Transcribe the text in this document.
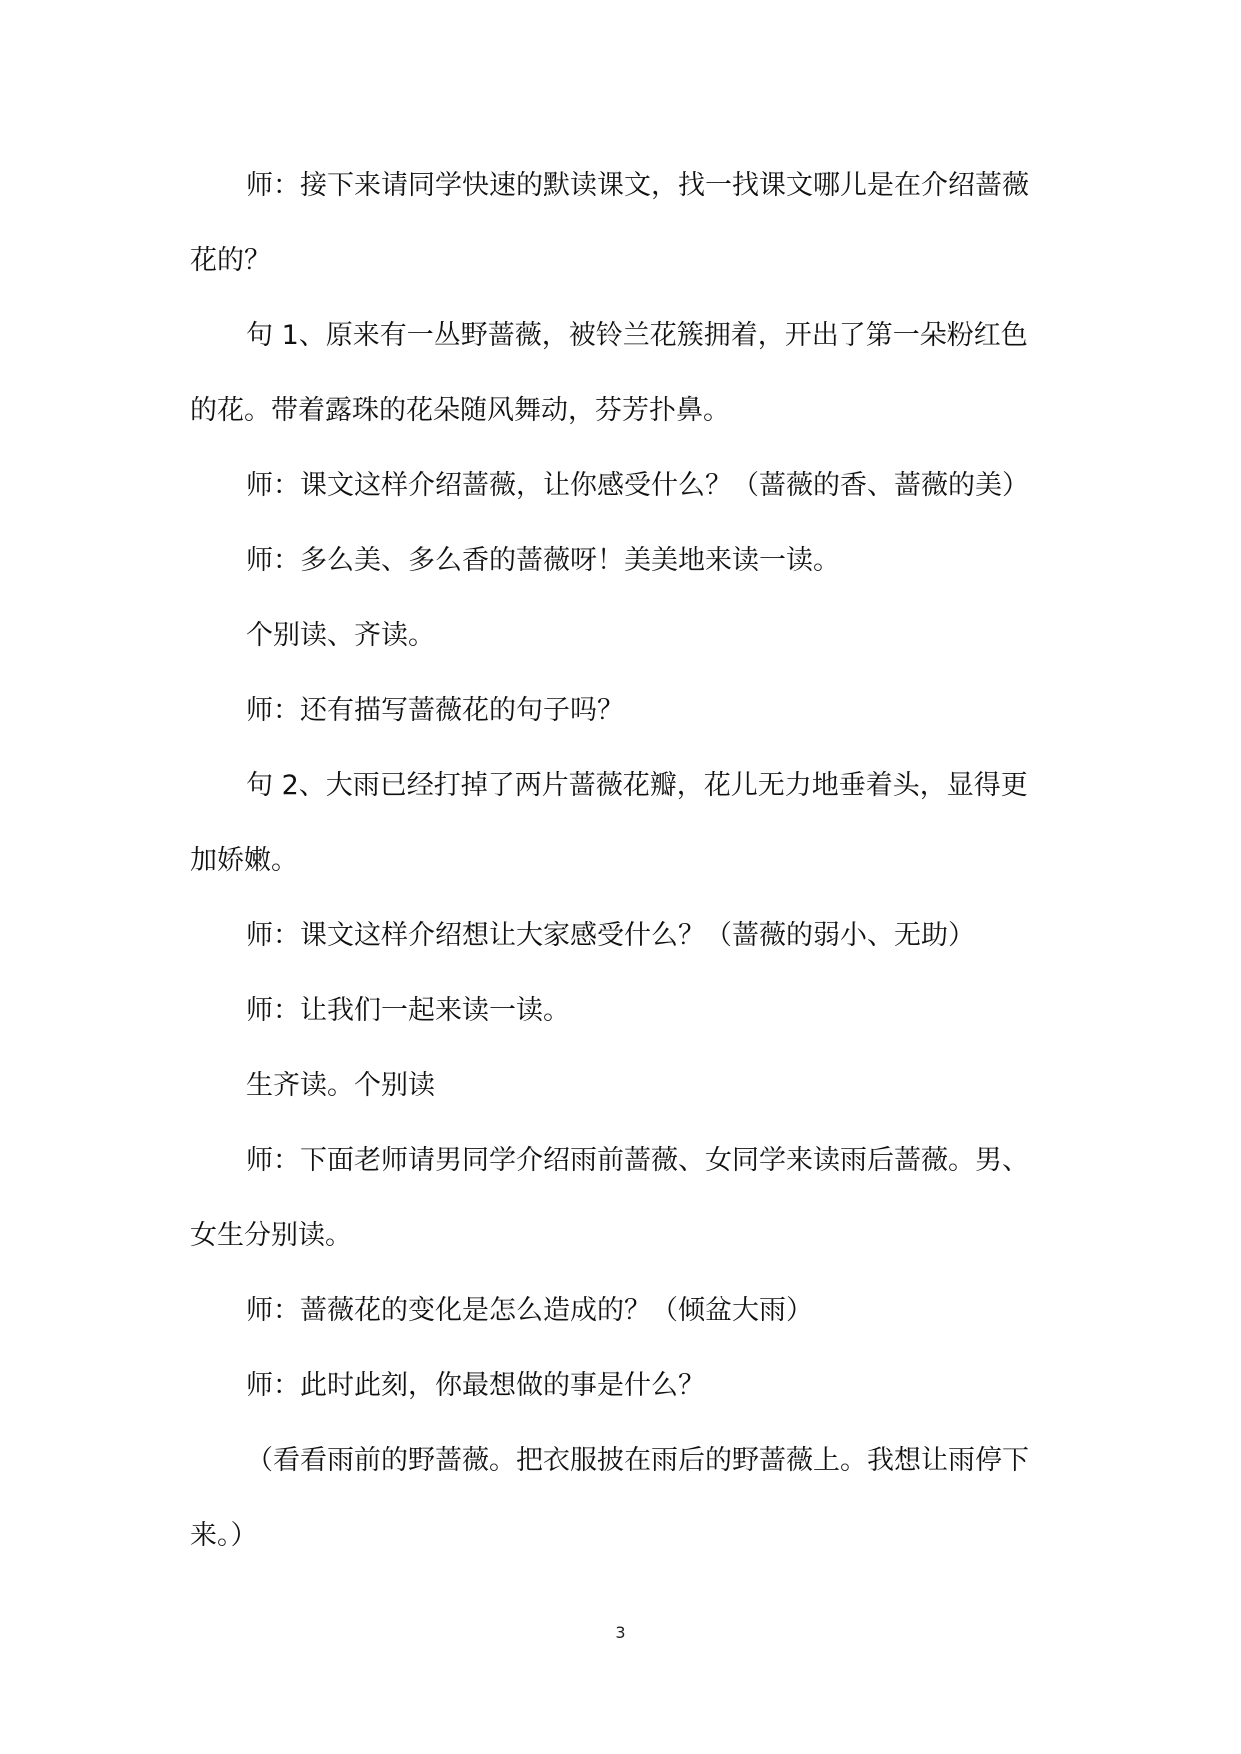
师：接下来请同学快速的默读课文，找一找课文哪儿是在介绍蔷薇花的？

句 1、原来有一丛野蔷薇，被铃兰花簇拥着，开出了第一朵粉红色的花。带着露珠的花朵随风舞动，芬芳扑鼻。

师：课文这样介绍蔷薇，让你感受什么？（蔷薇的香、蔷薇的美）

师：多么美、多么香的蔷薇呀！美美地来读一读。

个别读、齐读。

师：还有描写蔷薇花的句子吗？

句 2、大雨已经打掉了两片蔷薇花瓣，花儿无力地垂着头，显得更加娇嫩。

师：课文这样介绍想让大家感受什么？（蔷薇的弱小、无助）

师：让我们一起来读一读。

生齐读。个别读

师：下面老师请男同学介绍雨前蔷薇、女同学来读雨后蔷薇。男、女生分别读。

师：蔷薇花的变化是怎么造成的？（倾盆大雨）

师：此时此刻，你最想做的事是什么？

（看看雨前的野蔷薇。把衣服披在雨后的野蔷薇上。我想让雨停下来。）

3
